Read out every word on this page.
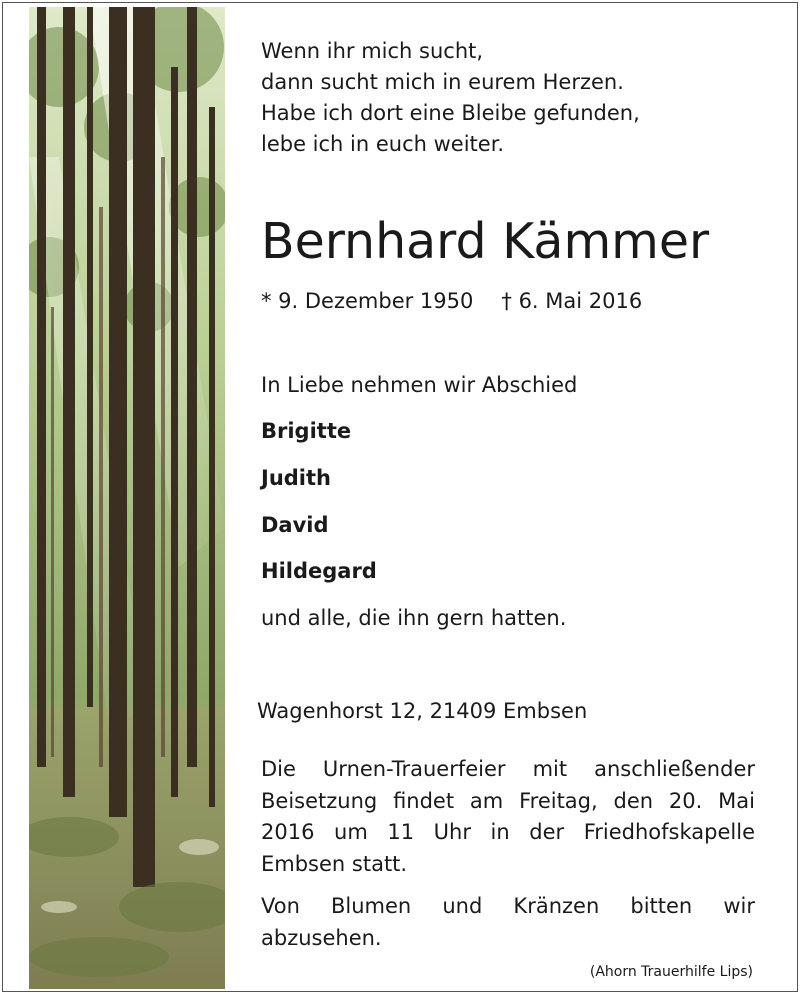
Wenn ihr mich sucht,
dann sucht mich in eurem Herzen.
Habe ich dort eine Bleibe gefunden,
lebe ich in euch weiter.
Bernhard Kämmer
* 9. Dezember 1950 † 6. Mai 2016
In Liebe nehmen wir Abschied
Brigitte
Judith
David
Hildegard
und alle, die ihn gern hatten.
Wagenhorst 12, 21409 Embsen
Die Urnen-Trauerfeier mit anschließender Beisetzung findet am Freitag, den 20. Mai 2016 um 11 Uhr in der Friedhofskapelle Embsen statt.
Von Blumen und Kränzen bitten wir abzusehen.
(Ahorn Trauerhilfe Lips)
